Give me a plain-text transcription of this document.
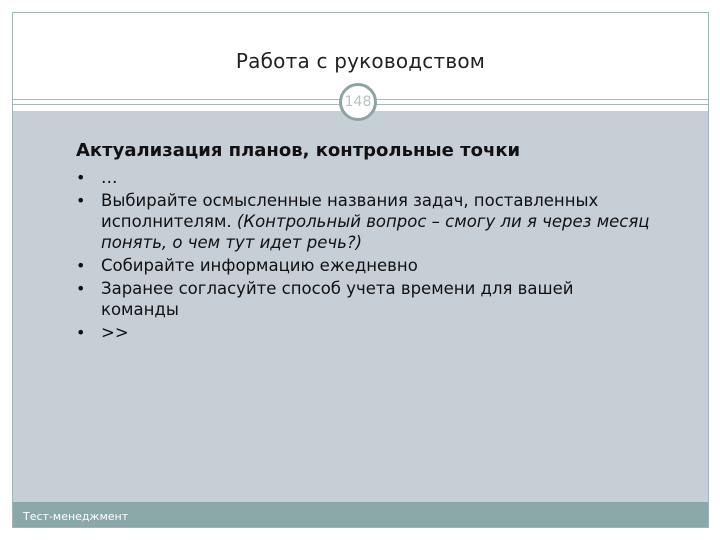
Работа с руководством
148
Тест-менеджмент
Актуализация планов, контрольные точки
• …
• Выбирайте осмысленные названия задач, поставленных исполнителям. (Контрольный вопрос – смогу ли я через месяц понять, о чем тут идет речь?)
• Собирайте информацию ежедневно
• Заранее согласуйте способ учета времени для вашей команды
• >>
